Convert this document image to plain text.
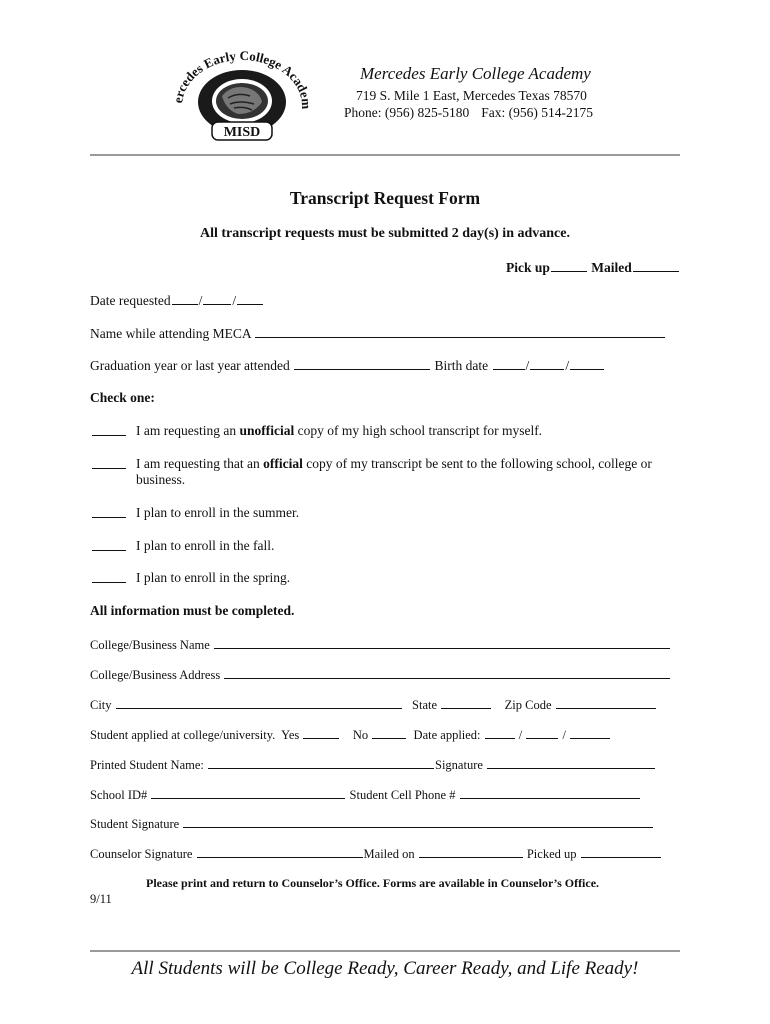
ercedes Early College Academ
MISD
Mercedes Early College Academy
719 S. Mile 1 East, Mercedes Texas 78570
Phone: (956) 825-5180 Fax: (956) 514-2175
Transcript Request Form
All transcript requests must be submitted 2 day(s) in advance.
Pick up	Mailed
Date requested / /
Name while attending MECA
Graduation year or last year attended	Birth date	/	/
Check one:
I am requesting an unofficial copy of my high school transcript for myself.
I am requesting that an official copy of my transcript be sent to the following school, college or
business.
I plan to enroll in the summer.
I plan to enroll in the fall.
I plan to enroll in the spring.
All information must be completed.
College/Business Name
College/Business Address
City	State	Zip Code
Student applied at college/university. Yes	No	Date applied:	/	/
Printed Student Name:	Signature
School ID#	Student Cell Phone #
Student Signature
Counselor Signature	Mailed on	Picked up
Please print and return to Counselor’s Office. Forms are available in Counselor’s Office.
9/11
All Students will be College Ready, Career Ready, and Life Ready!
